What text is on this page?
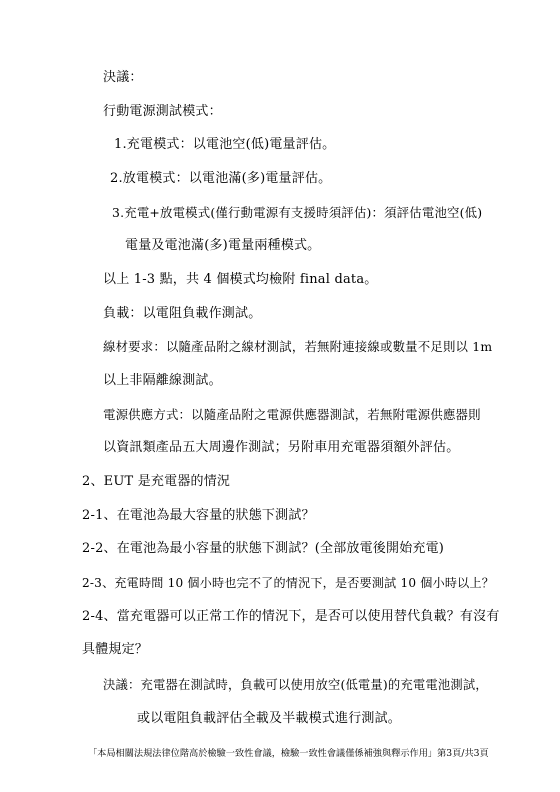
決議：
行動電源測試模式：
1.充電模式：以電池空(低)電量評估。
2.放電模式：以電池滿(多)電量評估。
3.充電+放電模式(僅行動電源有支援時須評估)：須評估電池空(低)
電量及電池滿(多)電量兩種模式。
以上 1-3 點，共 4 個模式均檢附 final data。
負載：以電阻負載作測試。
線材要求：以隨產品附之線材測試，若無附連接線或數量不足則以 1m
以上非隔離線測試。
電源供應方式：以隨產品附之電源供應器測試，若無附電源供應器則
以資訊類產品五大周邊作測試；另附車用充電器須額外評估。
2、EUT 是充電器的情況
2-1、在電池為最大容量的狀態下測試？
2-2、在電池為最小容量的狀態下測試？(全部放電後開始充電)
2-3、充電時間 10 個小時也完不了的情況下，是否要測試 10 個小時以上？
2-4、當充電器可以正常工作的情況下，是否可以使用替代負載？有沒有
具體規定？
決議：充電器在測試時，負載可以使用放空(低電量)的充電電池測試，
或以電阻負載評估全載及半載模式進行測試。
「本局相關法規法律位階高於檢驗一致性會議，檢驗一致性會議僅係補強與釋示作用」第3頁/共3頁
